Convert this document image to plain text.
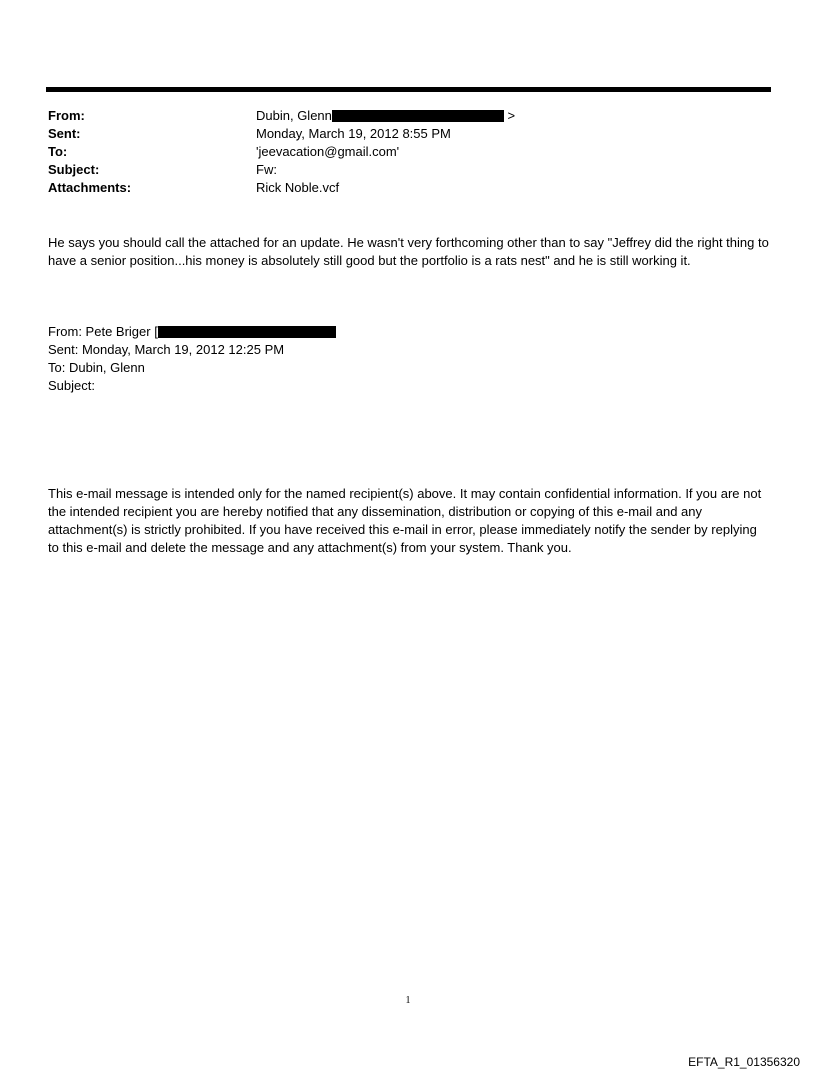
From:	Dubin, Glenn	>
Sent:	Monday, March 19, 2012 8:55 PM
To:	'jeevacation@gmail.com'
Subject:	Fw:
Attachments:	Rick Noble.vcf
He says you should call the attached for an update. He wasn't very forthcoming other than to say "Jeffrey did the right thing to have a senior position...his money is absolutely still good but the portfolio is a rats nest" and he is still working it.
From: Pete Briger [
Sent: Monday, March 19, 2012 12:25 PM
To: Dubin, Glenn
Subject:
This e-mail message is intended only for the named recipient(s) above. It may contain confidential information. If you are not the intended recipient you are hereby notified that any dissemination, distribution or copying of this e-mail and any attachment(s) is strictly prohibited. If you have received this e-mail in error, please immediately notify the sender by replying to this e-mail and delete the message and any attachment(s) from your system. Thank you.
1
EFTA_R1_01356320
